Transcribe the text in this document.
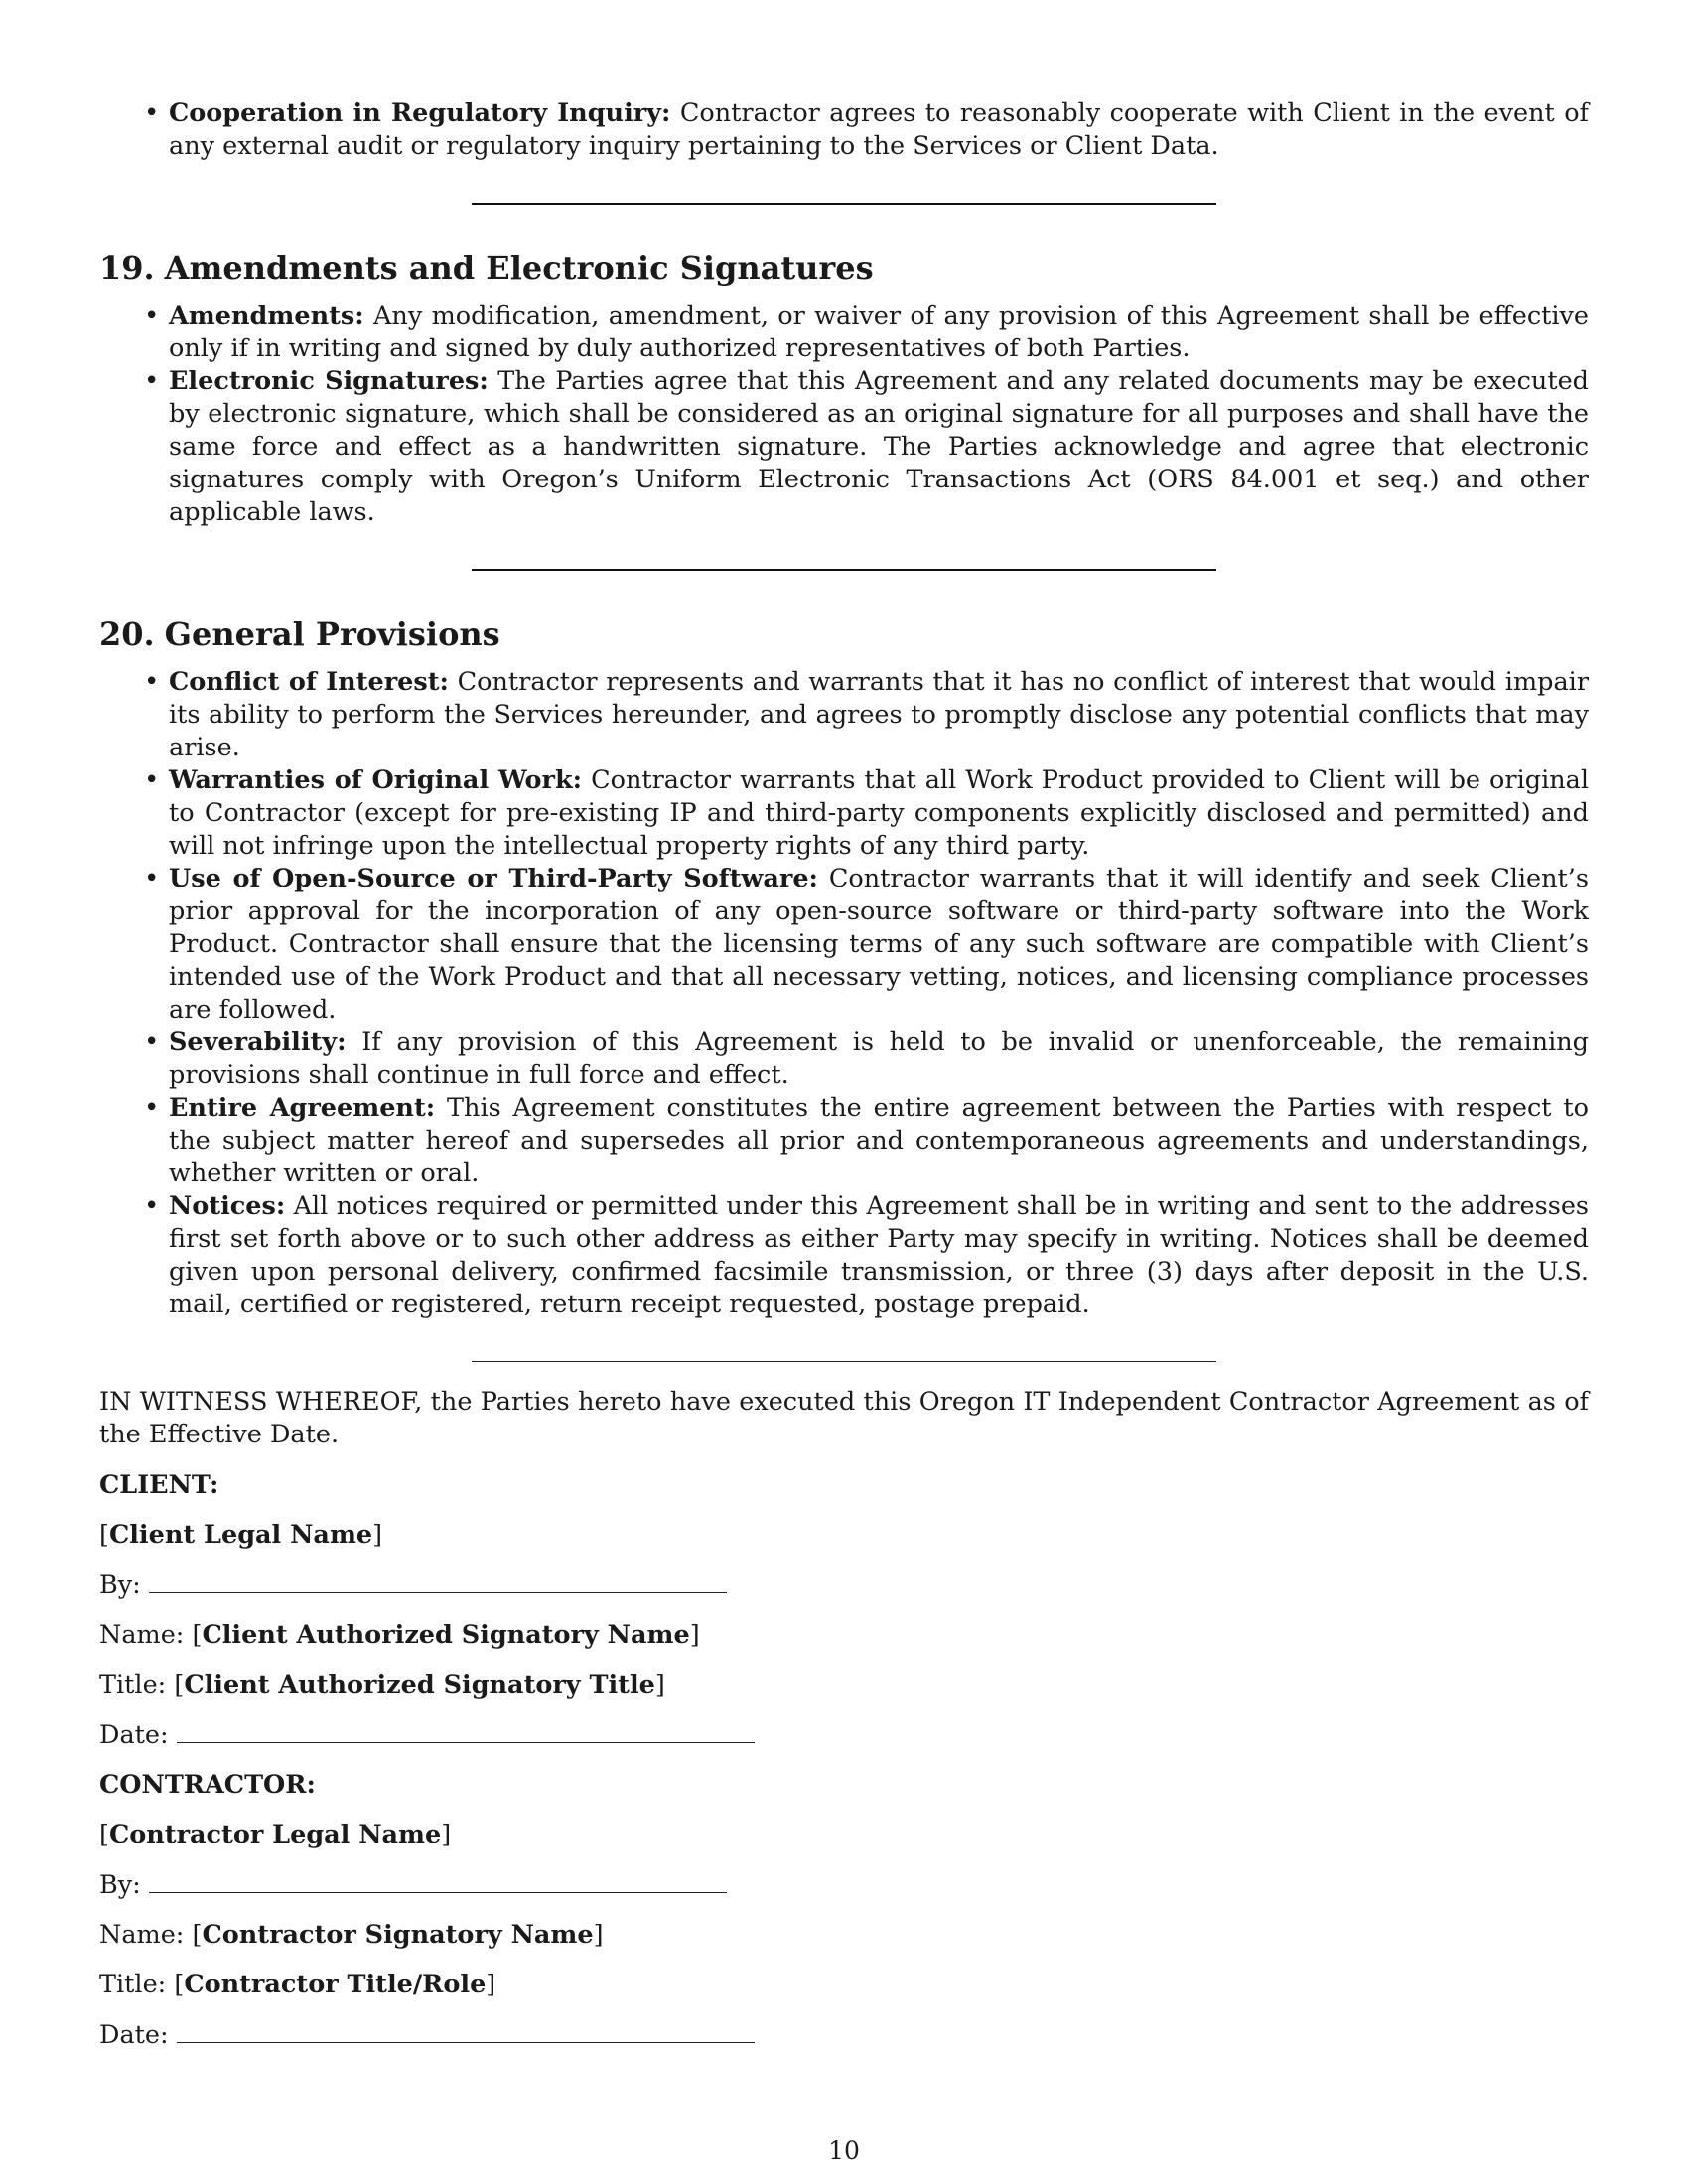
• Cooperation in Regulatory Inquiry: Contractor agrees to reasonably cooperate with Client in the event of any external audit or regulatory inquiry pertaining to the Services or Client Data.
19. Amendments and Electronic Signatures
• Amendments: Any modification, amendment, or waiver of any provision of this Agreement shall be effective only if in writing and signed by duly authorized representatives of both Parties.
• Electronic Signatures: The Parties agree that this Agreement and any related documents may be executed by electronic signature, which shall be considered as an original signature for all purposes and shall have the same force and effect as a handwritten signature. The Parties acknowledge and agree that electronic signatures comply with Oregon’s Uniform Electronic Transactions Act (ORS 84.001 et seq.) and other applicable laws.
20. General Provisions
• Conflict of Interest: Contractor represents and warrants that it has no conflict of interest that would impair its ability to perform the Services hereunder, and agrees to promptly disclose any potential conflicts that may arise.
• Warranties of Original Work: Contractor warrants that all Work Product provided to Client will be original to Contractor (except for pre-existing IP and third-party components explicitly disclosed and permitted) and will not infringe upon the intellectual property rights of any third party.
• Use of Open-Source or Third-Party Software: Contractor warrants that it will identify and seek Client’s prior approval for the incorporation of any open-source software or third-party software into the Work Product. Contractor shall ensure that the licensing terms of any such software are compatible with Client’s intended use of the Work Product and that all necessary vetting, notices, and licensing compliance processes are followed.
• Severability: If any provision of this Agreement is held to be invalid or unenforceable, the remaining provisions shall continue in full force and effect.
• Entire Agreement: This Agreement constitutes the entire agreement between the Parties with respect to the subject matter hereof and supersedes all prior and contemporaneous agreements and understandings, whether written or oral.
• Notices: All notices required or permitted under this Agreement shall be in writing and sent to the addresses first set forth above or to such other address as either Party may specify in writing. Notices shall be deemed given upon personal delivery, confirmed facsimile transmission, or three (3) days after deposit in the U.S. mail, certified or registered, return receipt requested, postage prepaid.

IN WITNESS WHEREOF, the Parties hereto have executed this Oregon IT Independent Contractor Agreement as of the Effective Date.

CLIENT:

[Client Legal Name]

By:

Name: [Client Authorized Signatory Name]

Title: [Client Authorized Signatory Title]

Date:

CONTRACTOR:

[Contractor Legal Name]

By:

Name: [Contractor Signatory Name]

Title: [Contractor Title/Role]

Date:

10
